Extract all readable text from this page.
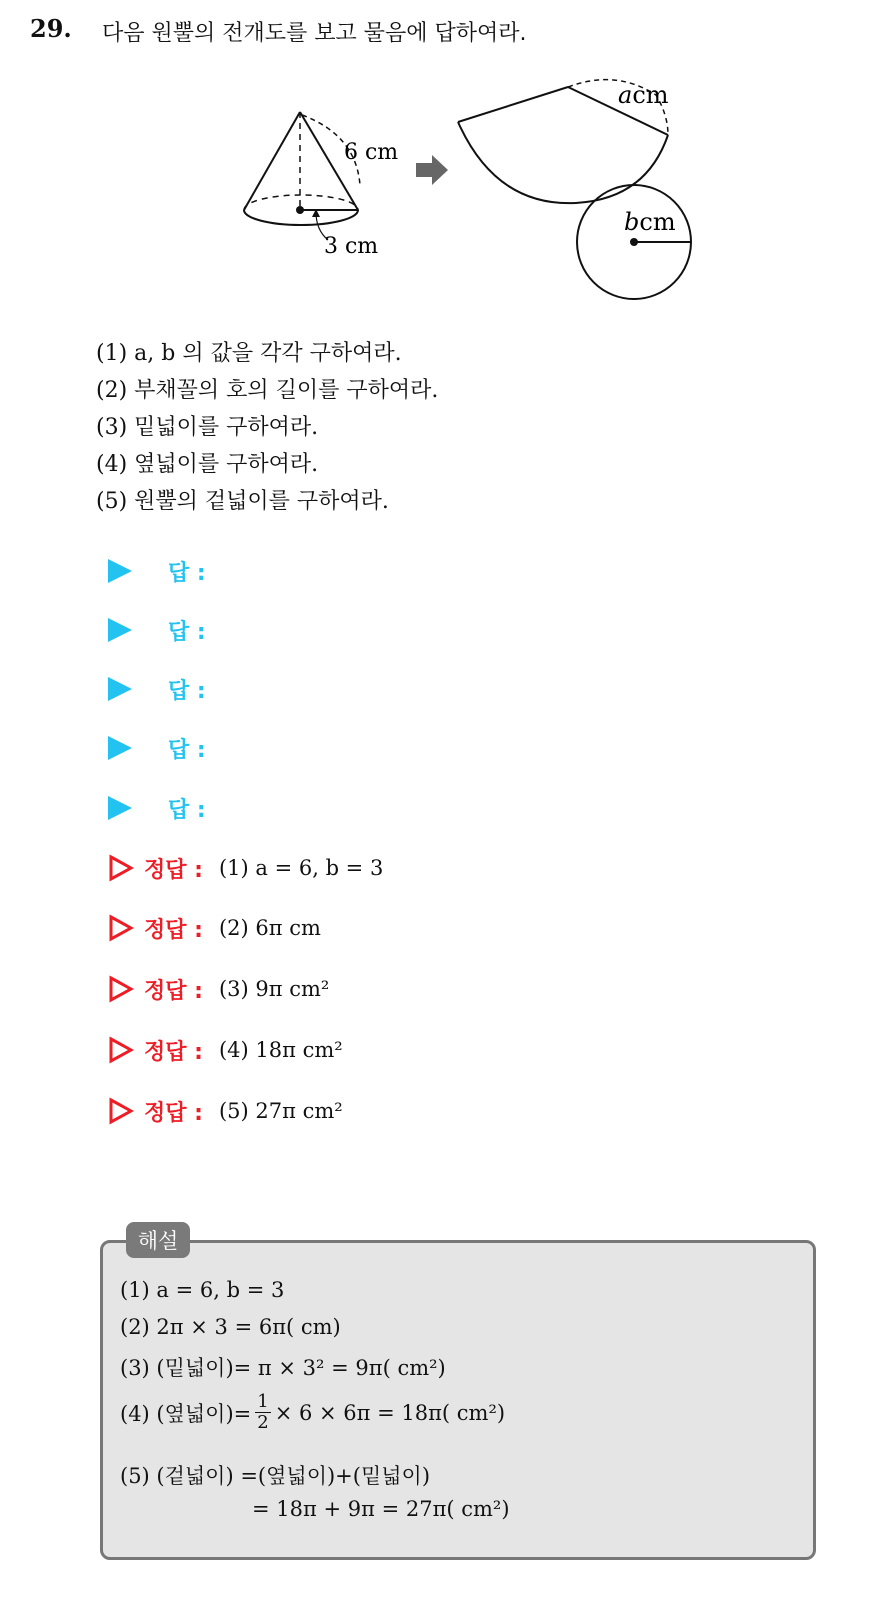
29. 다음 원뿔의 전개도를 보고 물음에 답하여라.
6 cm
3 cm
acm
bcm
(1) a, b 의 값을 각각 구하여라.
(2) 부채꼴의 호의 길이를 구하여라.
(3) 밑넓이를 구하여라.
(4) 옆넓이를 구하여라.
(5) 원뿔의 겉넓이를 구하여라.
답 :
답 :
답 :
답 :
답 :
정답 : (1) a = 6, b = 3
정답 : (2) 6π cm
정답 : (3) 9π cm²
정답 : (4) 18π cm²
정답 : (5) 27π cm²
해설
(1) a = 6, b = 3
(2) 2π × 3 = 6π( cm)
(3) (밑넓이)= π × 3² = 9π( cm²)
(4) (옆넓이)= $\frac{1}{2} \times 6 \times 6\pi = 18\pi$( cm²)
(5) (겉넓이) =(옆넓이)+(밑넓이)
= 18π + 9π = 27π( cm²)
